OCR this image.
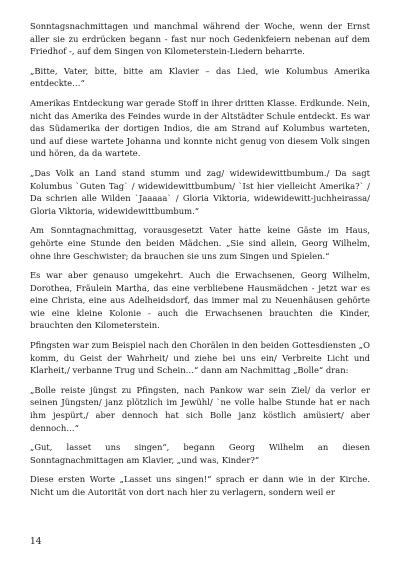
Sonntagsnachmittagen und manchmal während der Woche, wenn der Ernst aller sie zu erdrücken begann - fast nur noch Gedenkfeiern nebenan auf dem Friedhof -, auf dem Singen von Kilometerstein-Liedern beharrte.

„Bitte, Vater, bitte, bitte am Klavier – das Lied, wie Kolumbus Amerika entdeckte…“

Amerikas Entdeckung war gerade Stoff in ihrer dritten Klasse. Erdkunde. Nein, nicht das Amerika des Feindes wurde in der Altstädter Schule entdeckt. Es war das Südamerika der dortigen Indios, die am Strand auf Kolumbus warteten, und auf diese wartete Johanna und konnte nicht genug von diesem Volk singen und hören, da da wartete.

„Das Volk an Land stand stumm und zag/ widewidewittbumbum./ Da sagt Kolumbus `Guten Tag` / widewidewittbumbum/ `Ist hier vielleicht Amerika?` / Da schrien alle Wilden `Jaaaaa` / Gloria Viktoria, widewidewitt-juchheirassa/ Gloria Viktoria, widewidewittbumbum.“

Am Sonntagnachmittag, vorausgesetzt Vater hatte keine Gäste im Haus, gehörte eine Stunde den beiden Mädchen. „Sie sind allein, Georg Wilhelm, ohne ihre Geschwister; da brauchen sie uns zum Singen und Spielen.“

Es war aber genauso umgekehrt. Auch die Erwachsenen, Georg Wilhelm, Dorothea, Fräulein Martha, das eine verbliebene Hausmädchen - jetzt war es eine Christa, eine aus Adelheidsdorf, das immer mal zu Neuenhäusen gehörte wie eine kleine Kolonie - auch die Erwachsenen brauchten die Kinder, brauchten den Kilometerstein.

Pfingsten war zum Beispiel nach den Chorälen in den beiden Gottesdiensten „O komm, du Geist der Wahrheit/ und ziehe bei uns ein/ Verbreite Licht und Klarheit,/ verbanne Trug und Schein…“ dann am Nachmittag „Bolle“ dran:

„Bolle reiste jüngst zu Pfingsten, nach Pankow war sein Ziel/ da verlor er seinen Jüngsten/ janz plötzlich im Jewühl/ `ne volle halbe Stunde hat er nach ihm jespürt,/ aber dennoch hat sich Bolle janz köstlich amüsiert/ aber dennoch…“

„Gut, lasset uns singen“, begann Georg Wilhelm an diesen Sonntagnachmittagen am Klavier, „und was, Kinder?“

Diese ersten Worte „Lasset uns singen!“ sprach er dann wie in der Kirche. Nicht um die Autorität von dort nach hier zu verlagern, sondern weil er

14
